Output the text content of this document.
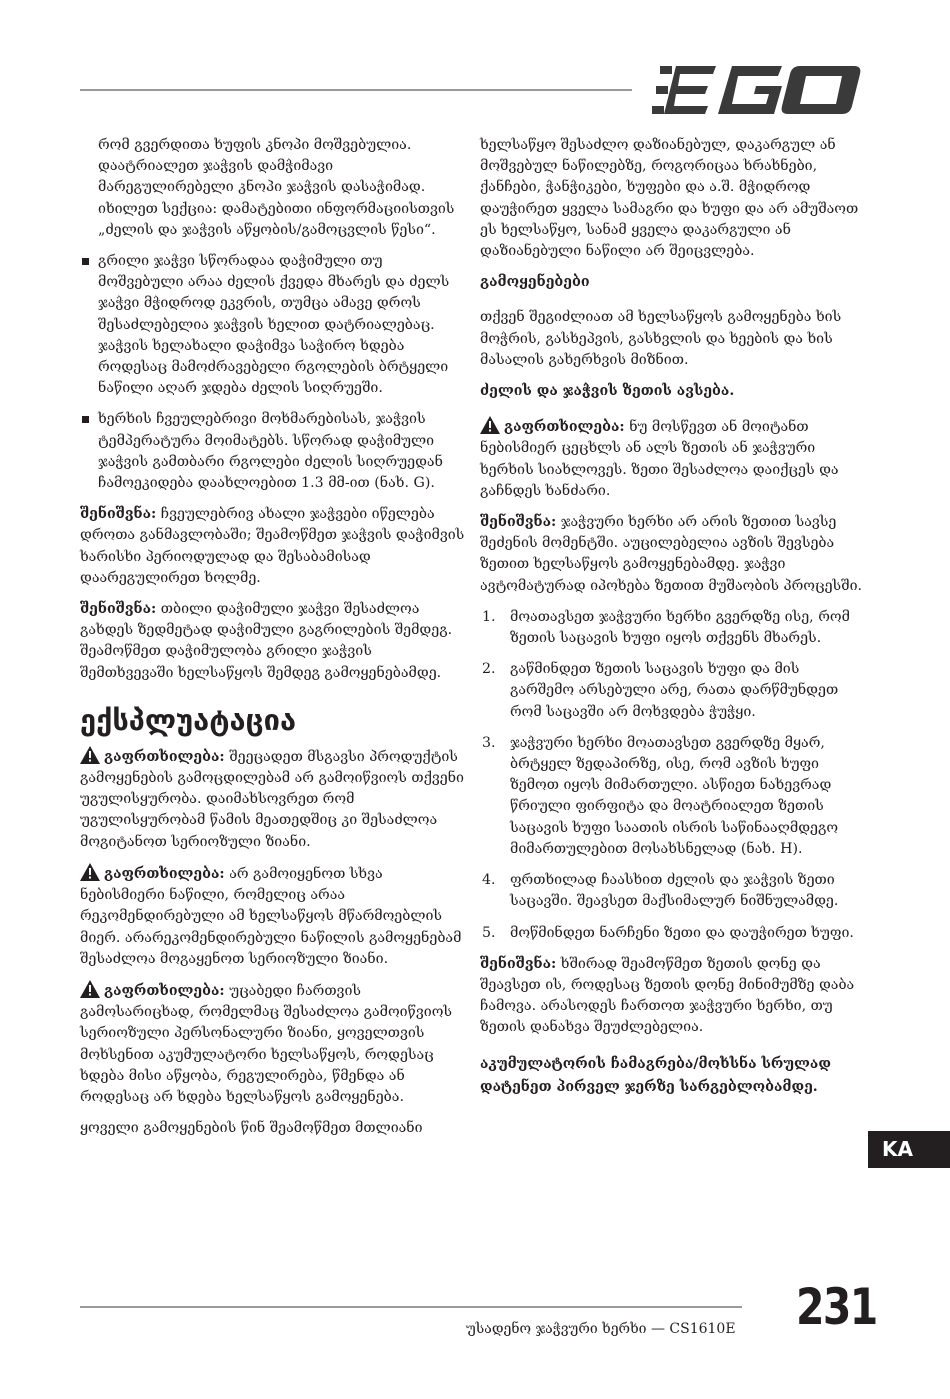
რომ გვერდითა ხუფის კნოპი მოშვებულია. დაატრიალეთ ჯაჭვის დამჭიმავი მარეგულირებელი კნოპი ჯაჭვის დასაჭიმად. იხილეთ სექცია: დამატებითი ინფორმაციისთვის „ძელის და ჯაჭვის აწყობის/გამოცვლის წესი“.

გრილი ჯაჭვი სწორადაა დაჭიმული თუ მოშვებული არაა ძელის ქვედა მხარეს და ძელს ჯაჭვი მჭიდროდ ეკვრის, თუმცა ამავე დროს შესაძლებელია ჯაჭვის ხელით დატრიალებაც. ჯაჭვის ხელახალი დაჭიმვა საჭირო ხდება როდესაც მამოძრავებელი რგოლების ბრტყელი ნაწილი აღარ ჯდება ძელის სიღრუეში.
ხერხის ჩვეულებრივი მოხმარებისას, ჯაჭვის ტემპერატურა მოიმატებს. სწორად დაჭიმული ჯაჭვის გამთბარი რგოლები ძელის სიღრუედან ჩამოეკიდება დაახლოებით 1.3 მმ-ით (ნახ. G).

შენიშვნა: ჩვეულებრივ ახალი ჯაჭვები იწელება დროთა განმავლობაში; შეამოწმეთ ჯაჭვის დაჭიმვის ხარისხი პერიოდულად და შესაბამისად დაარეგულირეთ ხოლმე.

შენიშვნა: თბილი დაჭიმული ჯაჭვი შესაძლოა გახდეს ზედმეტად დაჭიმული გაგრილების შემდეგ. შეამოწმეთ დაჭიმულობა გრილი ჯაჭვის შემთხვევაში ხელსაწყოს შემდეგ გამოყენებამდე.

ექსპლუატაცია

გაფრთხილება: შეეცადეთ მსგავსი პროდუქტის გამოყენების გამოცდილებამ არ გამოიწვიოს თქვენი უგულისყურობა. დაიმახსოვრეთ რომ უგულისყურობამ წამის მეათედშიც კი შესაძლოა მოგიტანოთ სერიოზული ზიანი.

გაფრთხილება: არ გამოიყენოთ სხვა ნებისმიერი ნაწილი, რომელიც არაა რეკომენდირებული ამ ხელსაწყოს მწარმოებლის მიერ. არარეკომენდირებული ნაწილის გამოყენებამ შესაძლოა მოგაყენოთ სერიოზული ზიანი.

გაფრთხილება: უცაბედი ჩართვის გამოსარიცხად, რომელმაც შესაძლოა გამოიწვიოს სერიოზული პერსონალური ზიანი, ყოველთვის მოხსენით აკუმულატორი ხელსაწყოს, როდესაც ხდება მისი აწყობა, რეგულირება, წმენდა ან როდესაც არ ხდება ხელსაწყოს გამოყენება.

ყოველი გამოყენების წინ შეამოწმეთ მთლიანი

ხელსაწყო შესაძლო დაზიანებულ, დაკარგულ ან მოშვებულ ნაწილებზე, როგორიცაა ხრახნები, ქანჩები, ჭანჭიკები, ხუფები და ა.შ. მჭიდროდ დაუჭირეთ ყველა სამაგრი და ხუფი და არ ამუშაოთ ეს ხელსაწყო, სანამ ყველა დაკარგული ან დაზიანებული ნაწილი არ შეიცვლება.

გამოყენებები

თქვენ შეგიძლიათ ამ ხელსაწყოს გამოყენება ხის მოჭრის, გასხეპვის, გასხვლის და ხეების და ხის მასალის გახერხვის მიზნით.

ძელის და ჯაჭვის ზეთის ავსება.

გაფრთხილება: ნუ მოსწევთ ან მოიტანთ ნებისმიერ ცეცხლს ან ალს ზეთის ან ჯაჭვური ხერხის სიახლოვეს. ზეთი შესაძლოა დაიქცეს და გაჩნდეს ხანძარი.

შენიშვნა: ჯაჭვური ხერხი არ არის ზეთით სავსე შეძენის მომენტში. აუცილებელია ავზის შევსება ზეთით ხელსაწყოს გამოყენებამდე. ჯაჭვი ავტომატურად იპოხება ზეთით მუშაობის პროცესში.

1. მოათავსეთ ჯაჭვური ხერხი გვერდზე ისე, რომ ზეთის საცავის ხუფი იყოს თქვენს მხარეს.
2. გაწმინდეთ ზეთის საცავის ხუფი და მის გარშემო არსებული არე, რათა დარწმუნდეთ რომ საცავში არ მოხვდება ჭუჭყი.
3. ჯაჭვური ხერხი მოათავსეთ გვერდზე მყარ, ბრტყელ ზედაპირზე, ისე, რომ ავზის ხუფი ზემოთ იყოს მიმართული. ასწიეთ ნახევრად წრიული ფირფიტა და მოატრიალეთ ზეთის საცავის ხუფი საათის ისრის საწინააღმდეგო მიმართულებით მოსახსნელად (ნახ. H).
4. ფრთხილად ჩაასხით ძელის და ჯაჭვის ზეთი საცავში. შეავსეთ მაქსიმალურ ნიშნულამდე.
5. მოწმინდეთ ნარჩენი ზეთი და დაუჭირეთ ხუფი.

შენიშვნა: ხშირად შეამოწმეთ ზეთის დონე და შეავსეთ ის, როდესაც ზეთის დონე მინიმუმზე დაბა ჩამოვა. არასოდეს ჩართოთ ჯაჭვური ხერხი, თუ ზეთის დანახვა შეუძლებელია.

აკუმულატორის ჩამაგრება/მოხსნა სრულად დატენეთ პირველ ჯერზე სარგებლობამდე.
KA
უსადენო ჯაჭვური ხერხი — CS1610E 231
